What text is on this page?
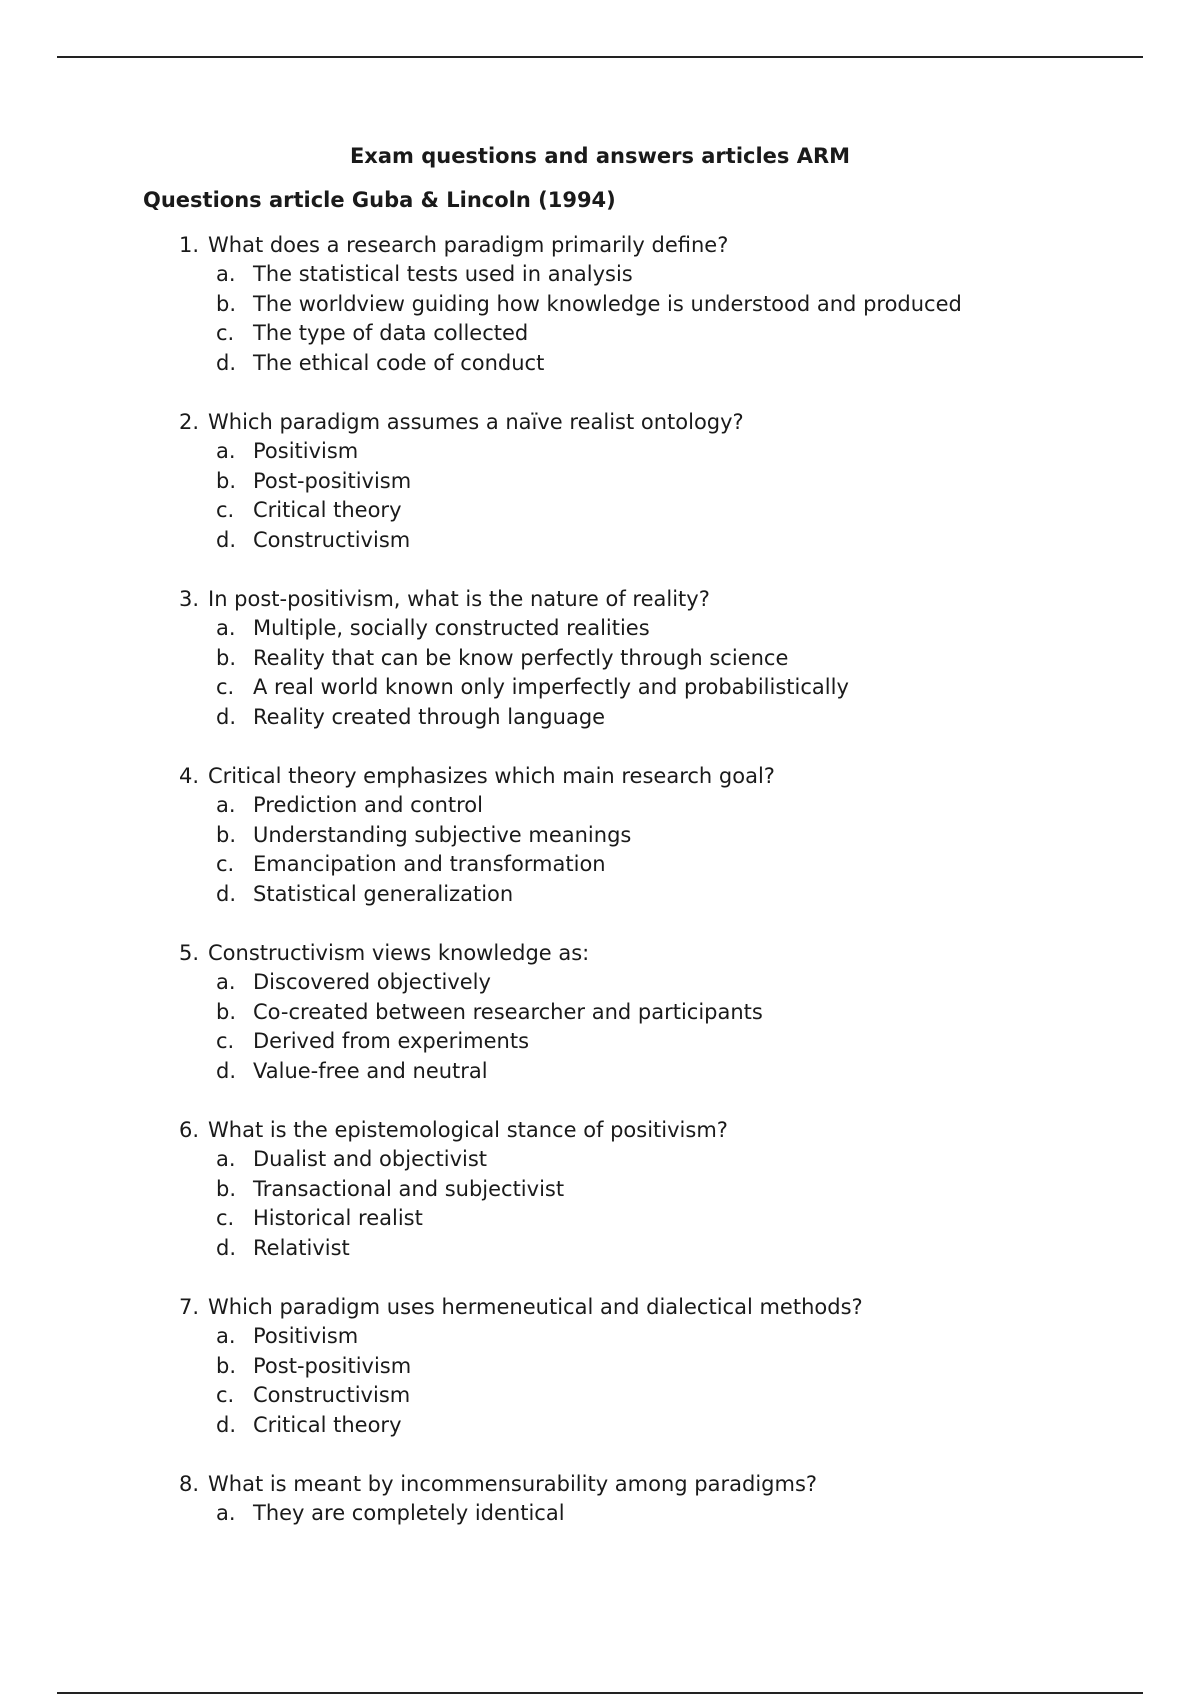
Exam questions and answers articles ARM
Questions article Guba & Lincoln (1994)
1. What does a research paradigm primarily define?
a. The statistical tests used in analysis
b. The worldview guiding how knowledge is understood and produced
c. The type of data collected
d. The ethical code of conduct
2. Which paradigm assumes a naïve realist ontology?
a. Positivism
b. Post-positivism
c. Critical theory
d. Constructivism
3. In post-positivism, what is the nature of reality?
a. Multiple, socially constructed realities
b. Reality that can be know perfectly through science
c. A real world known only imperfectly and probabilistically
d. Reality created through language
4. Critical theory emphasizes which main research goal?
a. Prediction and control
b. Understanding subjective meanings
c. Emancipation and transformation
d. Statistical generalization
5. Constructivism views knowledge as:
a. Discovered objectively
b. Co-created between researcher and participants
c. Derived from experiments
d. Value-free and neutral
6. What is the epistemological stance of positivism?
a. Dualist and objectivist
b. Transactional and subjectivist
c. Historical realist
d. Relativist
7. Which paradigm uses hermeneutical and dialectical methods?
a. Positivism
b. Post-positivism
c. Constructivism
d. Critical theory
8. What is meant by incommensurability among paradigms?
a. They are completely identical
